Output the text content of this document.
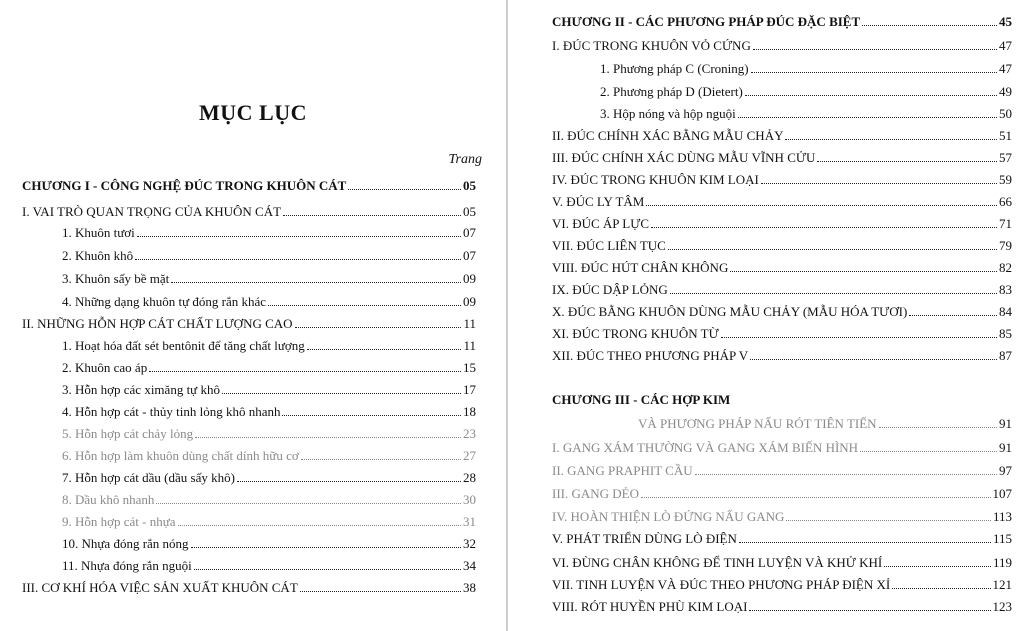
MỤC LỤC
Trang
CHƯƠNG I - CÔNG NGHỆ ĐÚC TRONG KHUÔN CÁT	05
I. VAI TRÒ QUAN TRỌNG CỦA KHUÔN CÁT	05
1. Khuôn tươi	07
2. Khuôn khô	07
3. Khuôn sấy bề mặt	09
4. Những dạng khuôn tự đóng rắn khác	09
II. NHỮNG HỖN HỢP CÁT CHẤT LƯỢNG CAO	11
1. Hoạt hóa đất sét bentônit để tăng chất lượng	11
2. Khuôn cao áp	15
3. Hỗn hợp các ximăng tự khô	17
4. Hỗn hợp cát - thủy tinh lỏng khô nhanh	18
5. Hỗn hợp cát chảy lỏng	23
6. Hỗn hợp làm khuôn dùng chất dính hữu cơ	27
7. Hỗn hợp cát dầu (dầu sấy khô)	28
8. Dầu khô nhanh	30
9. Hỗn hợp cát - nhựa	31
10. Nhựa đóng rắn nóng	32
11. Nhựa đóng rắn nguội	34
III. CƠ KHÍ HÓA VIỆC SẢN XUẤT KHUÔN CÁT	38
CHƯƠNG II - CÁC PHƯƠNG PHÁP ĐÚC ĐẶC BIỆT	45
I. ĐÚC TRONG KHUÔN VỎ CỨNG	47
1. Phương pháp C (Croning)	47
2. Phương pháp D (Dietert)	49
3. Hộp nóng và hộp nguội	50
II. ĐÚC CHÍNH XÁC BẰNG MẪU CHẢY	51
III. ĐÚC CHÍNH XÁC DÙNG MẪU VĨNH CỬU	57
IV. ĐÚC TRONG KHUÔN KIM LOẠI	59
V. ĐÚC LY TÂM	66
VI. ĐÚC ÁP LỰC	71
VII. ĐÚC LIÊN TỤC	79
VIII. ĐÚC HÚT CHÂN KHÔNG	82
IX. ĐÚC DẬP LỎNG	83
X. ĐÚC BẰNG KHUÔN DÙNG MẪU CHẢY (MẪU HÓA TƯƠI)	84
XI. ĐÚC TRONG KHUÔN TỪ	85
XII. ĐÚC THEO PHƯƠNG PHÁP V	87
CHƯƠNG III - CÁC HỢP KIM
VÀ PHƯƠNG PHÁP NẤU RÓT TIÊN TIẾN	91
I. GANG XÁM THƯỜNG VÀ GANG XÁM BIẾN HÌNH	91
II. GANG PRAPHIT CẦU	97
III. GANG DẺO	107
IV. HOÀN THIỆN LÒ ĐỨNG NẤU GANG	113
V. PHÁT TRIỂN DÙNG LÒ ĐIỆN	115
VI. ĐÙNG CHÂN KHÔNG ĐỂ TINH LUYỆN VÀ KHỬ KHÍ	119
VII. TINH LUYỆN VÀ ĐÚC THEO PHƯƠNG PHÁP ĐIỆN XỈ	121
VIII. RÓT HUYỀN PHÙ KIM LOẠI	123
